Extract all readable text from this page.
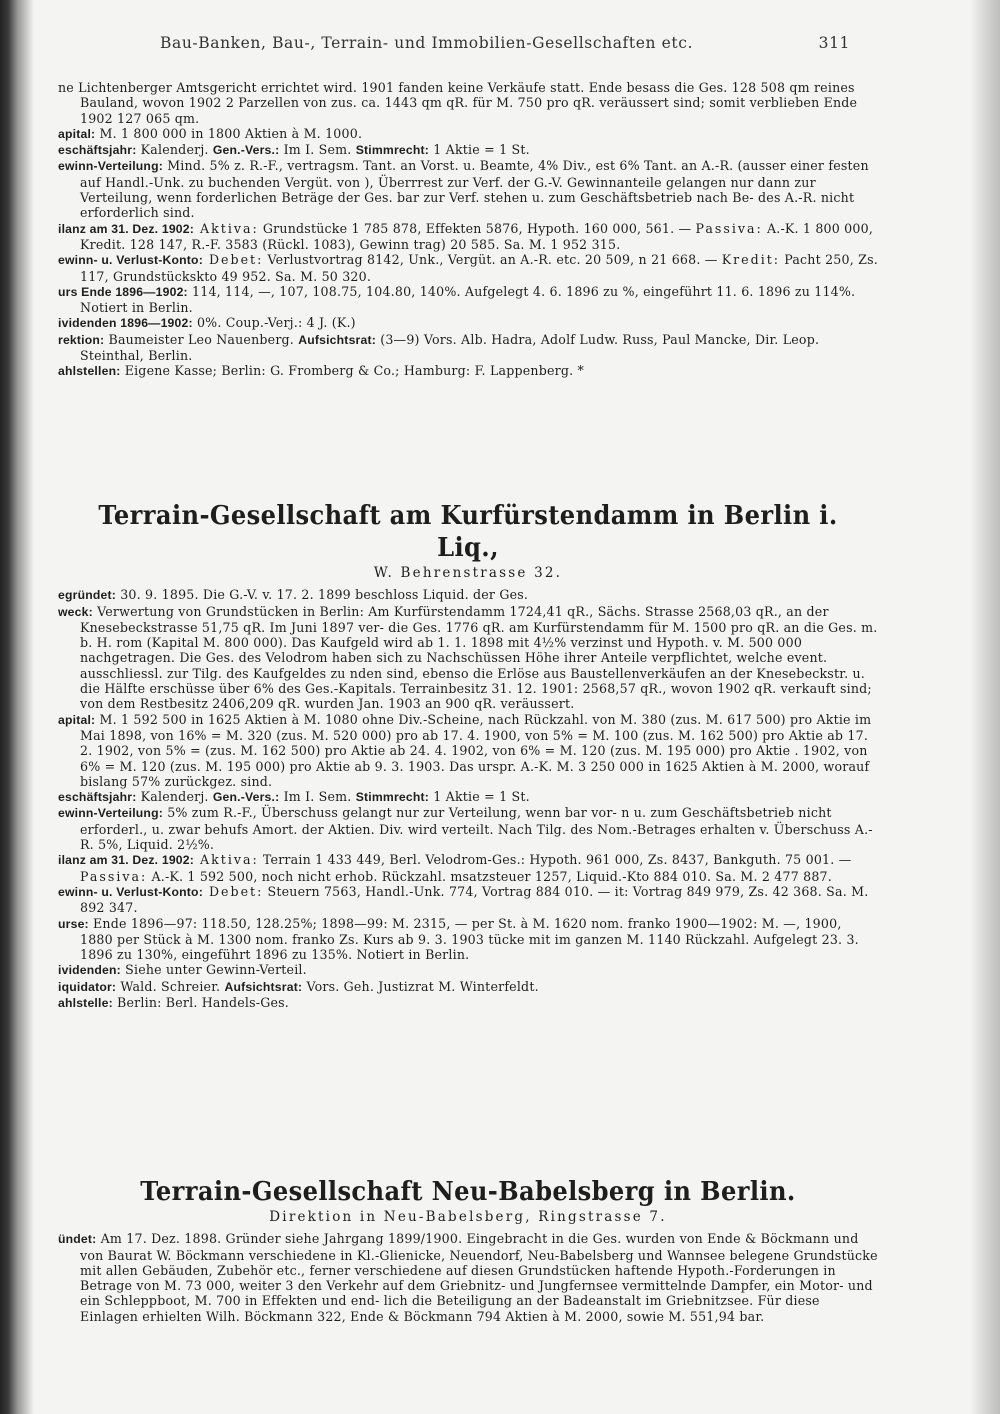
Bau-Banken, Bau-, Terrain- und Immobilien-Gesellschaften etc.	311

ne Lichtenberger Amtsgericht errichtet wird. 1901 fanden keine Verkäufe statt. Ende besass die Ges. 128 508 qm reines Bauland, wovon 1902 2 Parzellen von zus. ca. 1443 qm qR. für M. 750 pro qR. veräussert sind; somit verblieben Ende 1902 127 065 qm.

apital: M. 1 800 000 in 1800 Aktien à M. 1000.

eschäftsjahr: Kalenderj. Gen.-Vers.: Im I. Sem. Stimmrecht: 1 Aktie = 1 St.

ewinn-Verteilung: Mind. 5% z. R.-F., vertragsm. Tant. an Vorst. u. Beamte, 4% Div., est 6% Tant. an A.-R. (ausser einer festen auf Handl.-Unk. zu buchenden Vergüt. von ), Überrrest zur Verf. der G.-V. Gewinnanteile gelangen nur dann zur Verteilung, wenn forderlichen Beträge der Ges. bar zur Verf. stehen u. zum Geschäftsbetrieb nach Be- des A.-R. nicht erforderlich sind.

ilanz am 31. Dez. 1902: Aktiva: Grundstücke 1 785 878, Effekten 5876, Hypoth. 160 000, 561. — Passiva: A.-K. 1 800 000, Kredit. 128 147, R.-F. 3583 (Rückl. 1083), Gewinn trag) 20 585. Sa. M. 1 952 315.

ewinn- u. Verlust-Konto: Debet: Verlustvortrag 8142, Unk., Vergüt. an A.-R. etc. 20 509, n 21 668. — Kredit: Pacht 250, Zs. 117, Grundstückskto 49 952. Sa. M. 50 320.

urs Ende 1896—1902: 114, 114, —, 107, 108.75, 104.80, 140%. Aufgelegt 4. 6. 1896 zu %, eingeführt 11. 6. 1896 zu 114%. Notiert in Berlin.

ividenden 1896—1902: 0%. Coup.-Verj.: 4 J. (K.)

rektion: Baumeister Leo Nauenberg. Aufsichtsrat: (3—9) Vors. Alb. Hadra, Adolf Ludw. Russ, Paul Mancke, Dir. Leop. Steinthal, Berlin.

ahlstellen: Eigene Kasse; Berlin: G. Fromberg & Co.; Hamburg: F. Lappenberg. *

Terrain-Gesellschaft am Kurfürstendamm in Berlin i. Liq.,
W. Behrenstrasse 32.

egründet: 30. 9. 1895. Die G.-V. v. 17. 2. 1899 beschloss Liquid. der Ges.

weck: Verwertung von Grundstücken in Berlin: Am Kurfürstendamm 1724,41 qR., Sächs. Strasse 2568,03 qR., an der Knesebeckstrasse 51,75 qR. Im Juni 1897 ver- die Ges. 1776 qR. am Kurfürstendamm für M. 1500 pro qR. an die Ges. m. b. H. rom (Kapital M. 800 000). Das Kaufgeld wird ab 1. 1. 1898 mit 4½% verzinst und Hypoth. v. M. 500 000 nachgetragen. Die Ges. des Velodrom haben sich zu Nachschüssen Höhe ihrer Anteile verpflichtet, welche event. ausschliessl. zur Tilg. des Kaufgeldes zu nden sind, ebenso die Erlöse aus Baustellenverkäufen an der Knesebeckstr. u. die Hälfte erschüsse über 6% des Ges.-Kapitals. Terrainbesitz 31. 12. 1901: 2568,57 qR., wovon 1902 qR. verkauft sind; von dem Restbesitz 2406,209 qR. wurden Jan. 1903 an 900 qR. veräussert.

apital: M. 1 592 500 in 1625 Aktien à M. 1080 ohne Div.-Scheine, nach Rückzahl. von M. 380 (zus. M. 617 500) pro Aktie im Mai 1898, von 16% = M. 320 (zus. M. 520 000) pro ab 17. 4. 1900, von 5% = M. 100 (zus. M. 162 500) pro Aktie ab 17. 2. 1902, von 5% = (zus. M. 162 500) pro Aktie ab 24. 4. 1902, von 6% = M. 120 (zus. M. 195 000) pro Aktie . 1902, von 6% = M. 120 (zus. M. 195 000) pro Aktie ab 9. 3. 1903. Das urspr. A.-K. M. 3 250 000 in 1625 Aktien à M. 2000, worauf bislang 57% zurückgez. sind.

eschäftsjahr: Kalenderj. Gen.-Vers.: Im I. Sem. Stimmrecht: 1 Aktie = 1 St.

ewinn-Verteilung: 5% zum R.-F., Überschuss gelangt nur zur Verteilung, wenn bar vor- n u. zum Geschäftsbetrieb nicht erforderl., u. zwar behufs Amort. der Aktien. Div. wird verteilt. Nach Tilg. des Nom.-Betrages erhalten v. Überschuss A.-R. 5%, Liquid. 2½%.

ilanz am 31. Dez. 1902: Aktiva: Terrain 1 433 449, Berl. Velodrom-Ges.: Hypoth. 961 000, Zs. 8437, Bankguth. 75 001. — Passiva: A.-K. 1 592 500, noch nicht erhob. Rückzahl. msatzsteuer 1257, Liquid.-Kto 884 010. Sa. M. 2 477 887.

ewinn- u. Verlust-Konto: Debet: Steuern 7563, Handl.-Unk. 774, Vortrag 884 010. — it: Vortrag 849 979, Zs. 42 368. Sa. M. 892 347.

urse: Ende 1896—97: 118.50, 128.25%; 1898—99: M. 2315, — per St. à M. 1620 nom. franko 1900—1902: M. —, 1900, 1880 per Stück à M. 1300 nom. franko Zs. Kurs ab 9. 3. 1903 tücke mit im ganzen M. 1140 Rückzahl. Aufgelegt 23. 3. 1896 zu 130%, eingeführt 1896 zu 135%. Notiert in Berlin.

ividenden: Siehe unter Gewinn-Verteil.

iquidator: Wald. Schreier. Aufsichtsrat: Vors. Geh. Justizrat M. Winterfeldt.

ahlstelle: Berlin: Berl. Handels-Ges.

Terrain-Gesellschaft Neu-Babelsberg in Berlin.
Direktion in Neu-Babelsberg, Ringstrasse 7.

ündet: Am 17. Dez. 1898. Gründer siehe Jahrgang 1899/1900. Eingebracht in die Ges. wurden von Ende & Böckmann und von Baurat W. Böckmann verschiedene in Kl.-Glienicke, Neuendorf, Neu-Babelsberg und Wannsee belegene Grundstücke mit allen Gebäuden, Zubehör etc., ferner verschiedene auf diesen Grundstücken haftende Hypoth.-Forderungen in Betrage von M. 73 000, weiter 3 den Verkehr auf dem Griebnitz- und Jungfernsee vermittelnde Dampfer, ein Motor- und ein Schleppboot, M. 700 in Effekten und end- lich die Beteiligung an der Badeanstalt im Griebnitzsee. Für diese Einlagen erhielten Wilh. Böckmann 322, Ende & Böckmann 794 Aktien à M. 2000, sowie M. 551,94 bar.
